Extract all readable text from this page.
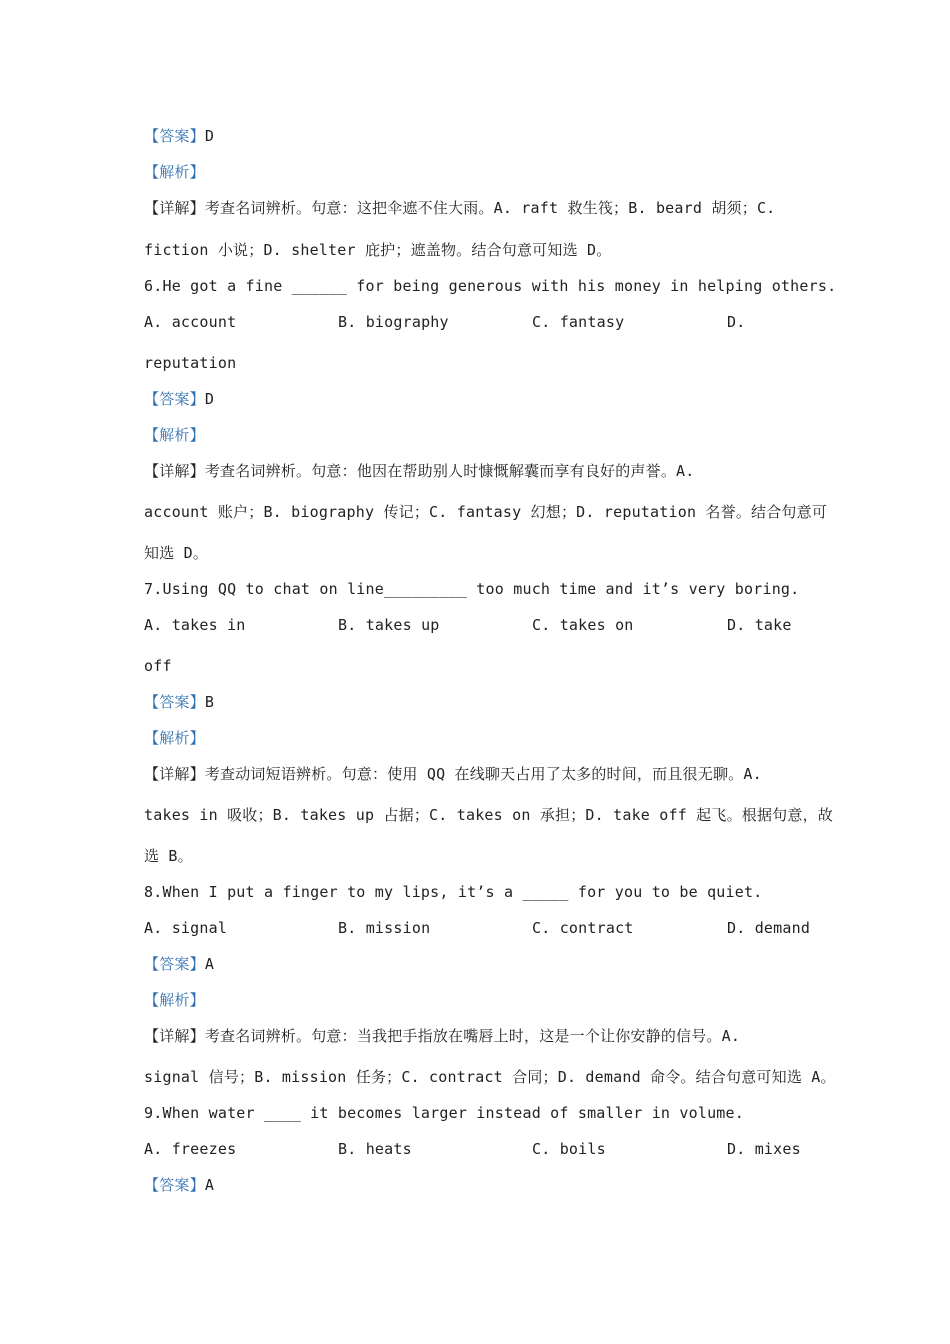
【答案】D
【解析】
【详解】考查名词辨析。句意：这把伞遮不住大雨。A. raft 救生筏；B. beard 胡须；C.
fiction 小说；D. shelter 庇护；遮盖物。结合句意可知选 D。
6.He got a fine ______ for being generous with his money in helping others.
A. account	B. biography	C. fantasy	D.
reputation
【答案】D
【解析】
【详解】考查名词辨析。句意：他因在帮助别人时慷慨解囊而享有良好的声誉。A.
account 账户；B. biography 传记；C. fantasy 幻想；D. reputation 名誉。结合句意可
知选 D。
7.Using QQ to chat on line_________ too much time and it’s very boring.
A. takes in	B. takes up	C. takes on	D. take
off
【答案】B
【解析】
【详解】考查动词短语辨析。句意：使用 QQ 在线聊天占用了太多的时间，而且很无聊。A.
takes in 吸收；B. takes up 占据；C. takes on 承担；D. take off 起飞。根据句意，故
选 B。
8.When I put a finger to my lips, it’s a _____ for you to be quiet.
A. signal	B. mission	C. contract	D. demand
【答案】A
【解析】
【详解】考查名词辨析。句意：当我把手指放在嘴唇上时，这是一个让你安静的信号。A.
signal 信号；B. mission 任务；C. contract 合同；D. demand 命令。结合句意可知选 A。
9.When water ____ it becomes larger instead of smaller in volume.
A. freezes	B. heats	C. boils	D. mixes
【答案】A
